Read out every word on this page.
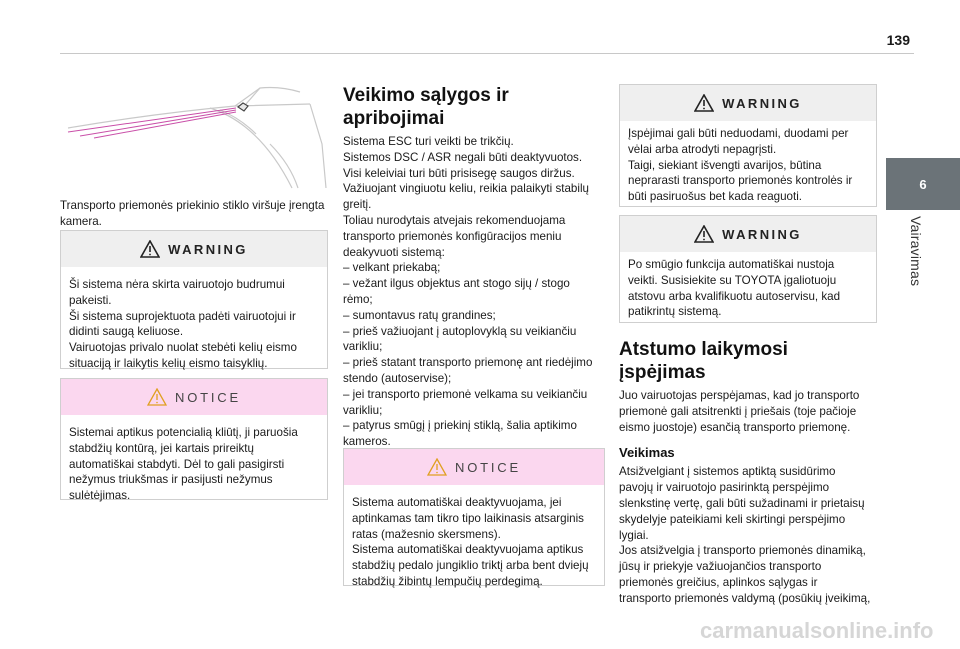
139
6
Vairavimas

Transporto priemonės priekinio stiklo viršuje įrengta kamera.

WARNING

Ši sistema nėra skirta vairuotojo budrumui

pakeisti.

Ši sistema suprojektuota padėti vairuotojui ir

didinti saugą keliuose.

Vairuotojas privalo nuolat stebėti kelių eismo

situaciją ir laikytis kelių eismo taisyklių.

NOTICE

Sistemai aptikus potencialią kliūtį, ji paruošia

stabdžių kontūrą, jei kartais prireiktų

automatiškai stabdyti. Dėl to gali pasigirsti

nežymus triukšmas ir pasijusti nežymus

sulėtėjimas.

Veikimo sąlygos ir
apribojimai

Sistema ESC turi veikti be trikčių.

Sistemos DSC / ASR negali būti deaktyvuotos.

Visi keleiviai turi būti prisisegę saugos diržus.

Važiuojant vingiuotu keliu, reikia palaikyti stabilų

greitį.

Toliau nurodytais atvejais rekomenduojama

transporto priemonės konfigūracijos meniu

deakyvuoti sistemą:

– velkant priekabą;

– vežant ilgus objektus ant stogo sijų / stogo

rėmo;

– sumontavus ratų grandines;

– prieš važiuojant į autoplovyklą su veikiančiu

varikliu;

– prieš statant transporto priemonę ant riedėjimo

stendo (autoservise);

– jei transporto priemonė velkama su veikiančiu

varikliu;

– patyrus smūgį į priekinį stiklą, šalia aptikimo

kameros.

NOTICE

Sistema automatiškai deaktyvuojama, jei

aptinkamas tam tikro tipo laikinasis atsarginis

ratas (mažesnio skersmens).

Sistema automatiškai deaktyvuojama aptikus

stabdžių pedalo jungiklio triktį arba bent dviejų

stabdžių žibintų lempučių perdegimą.

WARNING

Įspėjimai gali būti neduodami, duodami per

vėlai arba atrodyti nepagrįsti.

Taigi, siekiant išvengti avarijos, būtina

neprarasti transporto priemonės kontrolės ir

būti pasiruošus bet kada reaguoti.

WARNING

Po smūgio funkcija automatiškai nustoja

veikti. Susisiekite su TOYOTA įgaliotuoju

atstovu arba kvalifikuotu autoservisu, kad

patikrintų sistemą.

Atstumo laikymosi
įspėjimas

Juo vairuotojas perspėjamas, kad jo transporto

priemonė gali atsitrenkti į priešais (toje pačioje

eismo juostoje) esančią transporto priemonę.

Veikimas

Atsižvelgiant į sistemos aptiktą susidūrimo

pavojų ir vairuotojo pasirinktą perspėjimo

slenkstinę vertę, gali būti sužadinami ir prietaisų

skydelyje pateikiami keli skirtingi perspėjimo

lygiai.

Jos atsižvelgia į transporto priemonės dinamiką,

jūsų ir priekyje važiuojančios transporto

priemonės greičius, aplinkos sąlygas ir

transporto priemonės valdymą (posūkių įveikimą,

carmanualsonline.info
